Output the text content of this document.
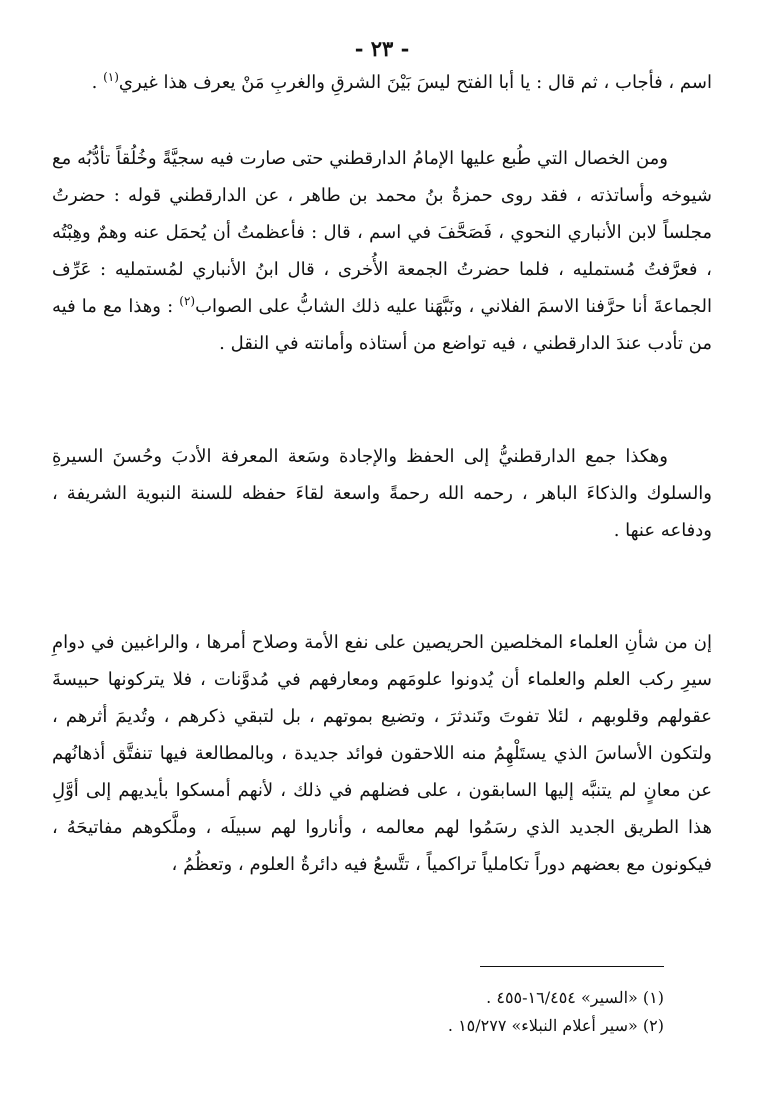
- ٢٣ -

اسم ، فأجاب ، ثم قال : يا أبا الفتح ليسَ بَيْنَ الشرقِ والغربِ مَنْ يعرف هذا غيري$^{(١)}$ .

ومن الخصال التي طُبع عليها الإمامُ الدارقطني حتى صارت فيه سجيَّةً وخُلُقاً تأدُّبُه مع شيوخه وأساتذته ، فقد روى حمزةُ بنُ محمد بن طاهر ، عن الدارقطني قوله : حضرتُ مجلساً لابن الأنباري النحوي ، فَصَحَّفَ في اسم ، قال : فأعظمتُ أن يُحمَل عنه وهمٌ وهِبْتُه ، فعرَّفتُ مُستمليه ، فلما حضرتُ الجمعة الأُخرى ، قال ابنُ الأنباري لمُستمليه : عَرِّف الجماعةَ أنا حرَّفنا الاسمَ الفلاني ، ونَبَّهَنا عليه ذلك الشابُّ على الصواب$^{(٢)}$ : وهذا مع ما فيه من تأدب عندَ الدارقطني ، فيه تواضع من أستاذه وأمانته في النقل .

وهكذا جمع الدارقطنيُّ إلى الحفظ والإجادة وسَعة المعرفة الأدبَ وحُسنَ السيرةِ والسلوك والذكاءَ الباهر ، رحمه الله رحمةً واسعة لقاءَ حفظه للسنة النبوية الشريفة ، ودفاعه عنها .

إن من شأنِ العلماء المخلصين الحريصين على نفع الأمة وصلاح أمرها ، والراغبين في دوامِ سيرِ ركب العلم والعلماء أن يُدونوا علومَهم ومعارفهم في مُدوَّنات ، فلا يتركونها حبيسةَ عقولهم وقلوبهم ، لئلا تفوتَ وتَندثرَ ، وتضيع بموتهم ، بل لتبقي ذكرهم ، وتُديمَ أثرهم ، ولتكون الأساسَ الذي يستَلْهِمُ منه اللاحقون فوائد جديدة ، وبالمطالعة فيها تنفتَّق أذهانُهم عن معانٍ لم يتنبَّه إليها السابقون ، على فضلهم في ذلك ، لأنهم أمسكوا بأيديهم إلى أوَّلِ هذا الطريق الجديد الذي رسَمُوا لهم معالمه ، وأناروا لهم سبيلَه ، وملَّكوهم مفاتيحَهُ ، فيكونون مع بعضهم دوراً تكاملياً تراكمياً ، تتَّسعُ فيه دائرةُ العلوم ، وتعظُمُ ،

(١) «السير» ١٦/٤٥٤-٤٥٥ .
(٢) «سير أعلام النبلاء» ١٥/٢٧٧ .
